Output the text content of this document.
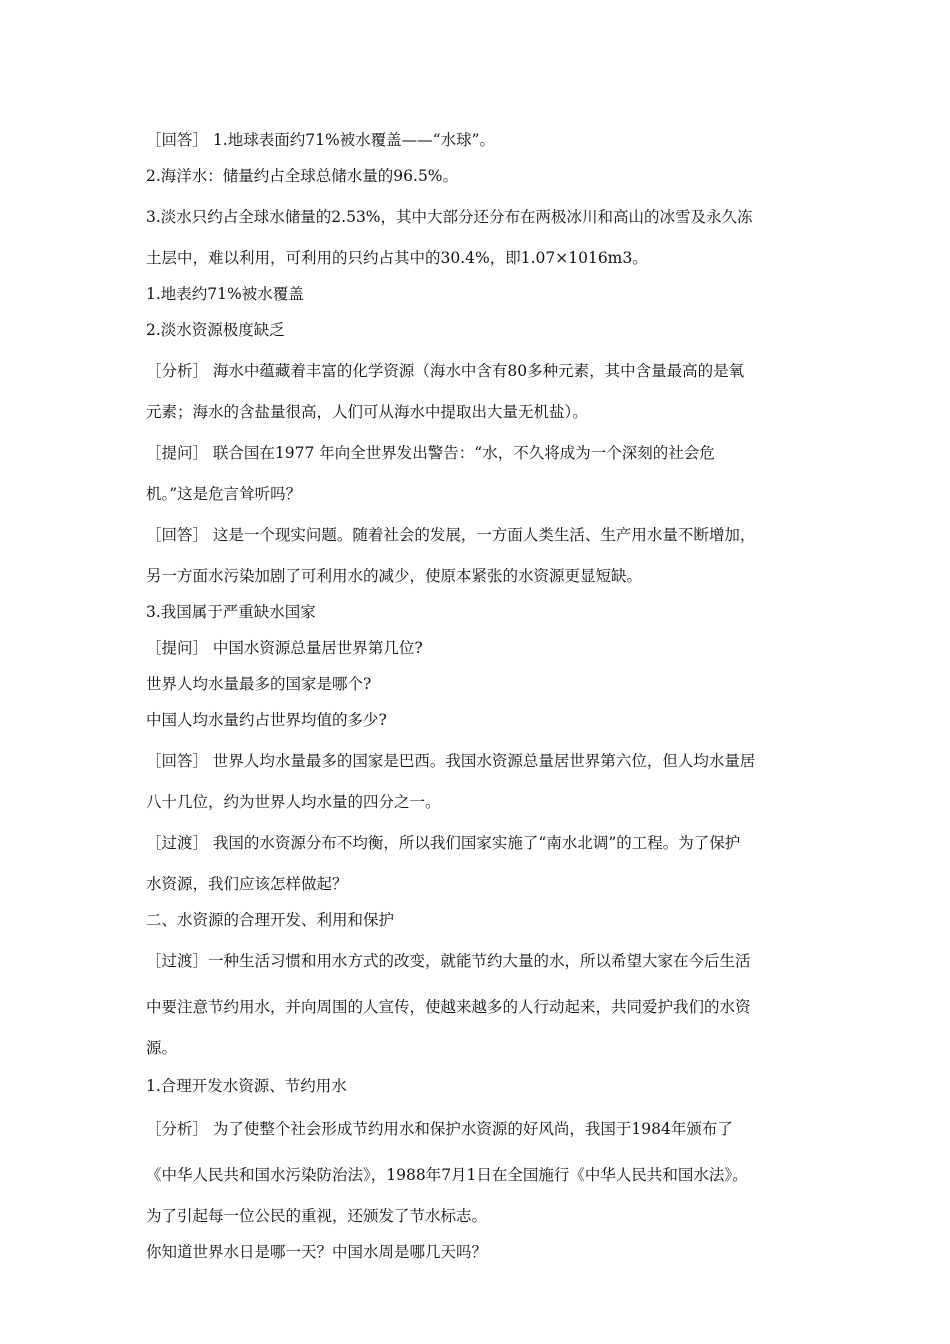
［回答］ 1.地球表面约71%被水覆盖——“水球”。

2.海洋水：储量约占全球总储水量的96.5%。

3.淡水只约占全球水储量的2.53%，其中大部分还分布在两极冰川和高山的冰雪及永久冻

土层中，难以利用，可利用的只约占其中的30.4%，即1.07×1016m3。

1.地表约71%被水覆盖

2.淡水资源极度缺乏

［分析］ 海水中蕴藏着丰富的化学资源（海水中含有80多种元素，其中含量最高的是氧

元素；海水的含盐量很高，人们可从海水中提取出大量无机盐）。

［提问］ 联合国在1977 年向全世界发出警告：“水，不久将成为一个深刻的社会危

机。”这是危言耸听吗？

［回答］ 这是一个现实问题。随着社会的发展，一方面人类生活、生产用水量不断增加，

另一方面水污染加剧了可利用水的减少，使原本紧张的水资源更显短缺。

3.我国属于严重缺水国家

［提问］ 中国水资源总量居世界第几位?

世界人均水量最多的国家是哪个?

中国人均水量约占世界均值的多少?

［回答］ 世界人均水量最多的国家是巴西。我国水资源总量居世界第六位，但人均水量居

八十几位，约为世界人均水量的四分之一。

［过渡］ 我国的水资源分布不均衡，所以我们国家实施了“南水北调”的工程。为了保护

水资源，我们应该怎样做起？

二、水资源的合理开发、利用和保护

［过渡］一种生活习惯和用水方式的改变，就能节约大量的水，所以希望大家在今后生活

中要注意节约用水，并向周围的人宣传，使越来越多的人行动起来，共同爱护我们的水资

源。

1.合理开发水资源、节约用水

［分析］ 为了使整个社会形成节约用水和保护水资源的好风尚，我国于1984年颁布了

《中华人民共和国水污染防治法》，1988年7月1日在全国施行《中华人民共和国水法》。

为了引起每一位公民的重视，还颁发了节水标志。

你知道世界水日是哪一天？中国水周是哪几天吗？
